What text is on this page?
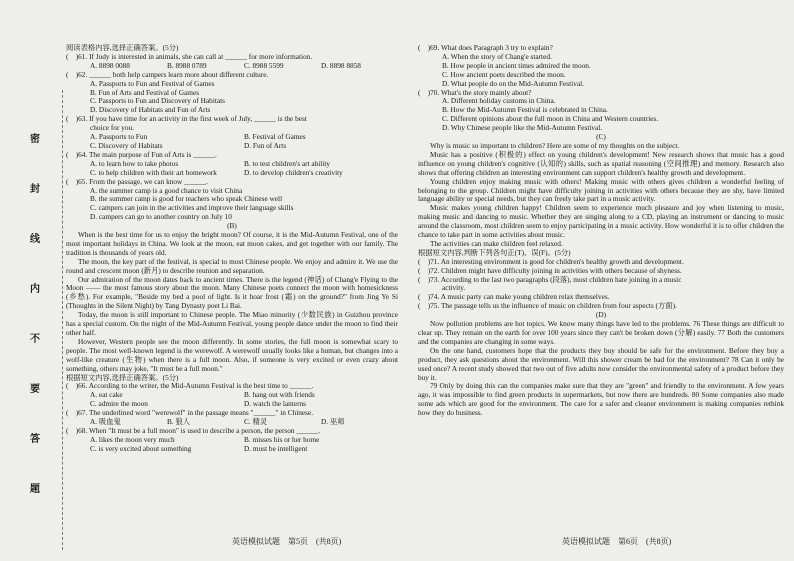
密
封
线
内
不
要
答
题
阅读表格内容,选择正确答案。(5分)
(　)61. If Judy is interested in animals, she can call at ______ for more information.
A. 8898 0088	B. 8988 0789	C. 8988 5599	D. 8898 8858
(　)62. ______ both help campers learn more about different culture.
A. Passports to Fun and Festival of Games
B. Fun of Arts and Festival of Games
C. Passports to Fun and Discovery of Habitats
D. Discovery of Habitats and Fun of Arts
(　)63. If you have time for an activity in the first week of July, ______ is the best
choice for you.
A. Passports to Fun	B. Festival of Games
C. Discovery of Habitats	D. Fun of Arts
(　)64. The main purpose of Fun of Arts is ______.
A. to learn how to take photos	B. to test children's art ability
C. to help children with their art homework	D. to develop children's creativity
(　)65. From the passage, we can know ______.
A. the summer camp is a good chance to visit China
B. the summer camp is good for teachers who speak Chinese well
C. campers can join in the activities and improve their language skills
D. campers can go to another country on July 10
(B)
When is the best time for us to enjoy the bright moon? Of course, it is the Mid-Autumn Festival, one of the most important holidays in China. We look at the moon, eat moon cakes, and get together with our family. The tradition is thousands of years old.
The moon, the key part of the festival, is special to most Chinese people. We enjoy and admire it. We use the round and crescent moon (新月) to describe reunion and separation.
Our admiration of the moon dates back to ancient times. There is the legend (神话) of Chang'e Flying to the Moon —— the most famous story about the moon. Many Chinese poets connect the moon with homesickness (乡愁). For example, "Beside my bed a pool of light. Is it hoar frost (霜) on the ground?" from Jing Ye Si (Thoughts in the Silent Night) by Tang Dynasty poet Li Bai.
Today, the moon is still important to Chinese people. The Miao minority (少数民族) in Guizhou province has a special custom. On the night of the Mid-Autumn Festival, young people dance under the moon to find their other half.
However, Western people see the moon differently. In some stories, the full moon is somewhat scary to people. The most well-known legend is the werewolf. A werewolf usually looks like a human, but changes into a wolf-like creature (生物) when there is a full moon. Also, if someone is very excited or even crazy about something, others may joke, "It must be a full moon."
根据短文内容,选择正确答案。(5分)
(　)66. According to the writer, the Mid-Autumn Festival is the best time to ______.
A. eat cake	B. hang out with friends
C. admire the moon	D. watch the lanterns
(　)67. The underlined word "werewolf" in the passage means "______" in Chinese.
A. 吸血鬼	B. 狼人	C. 精灵	D. 巫师
(　)68. When "It must be a full moon" is used to describe a person, the person ______.
A. likes the moon very much	B. misses his or her home
C. is very excited about something	D. must be intelligent
英语模拟试题　第5页　(共8页)
(　)69. What does Paragraph 3 try to explain?
A. When the story of Chang'e started.
B. How people in ancient times admired the moon.
C. How ancient poets described the moon.
D. What people do on the Mid-Autumn Festival.
(　)70. What's the story mainly about?
A. Different holiday customs in China.
B. How the Mid-Autumn Festival is celebrated in China.
C. Different opinions about the full moon in China and Western countries.
D. Why Chinese people like the Mid-Autumn Festival.
(C)
Why is music so important to children? Here are some of my thoughts on the subject.
Music has a positive (积极的) effect on young children's development! New research shows that music has a good influence on young children's cognitive (认知的) skills, such as spatial reasoning (空间推理) and memory. Research also shows that offering children an interesting environment can support children's healthy growth and development.
Young children enjoy making music with others! Making music with others gives children a wonderful feeling of belonging to the group. Children might have difficulty joining in activities with others because they are shy, have limited language ability or special needs, but they can freely take part in a music activity.
Music makes young children happy! Children seem to experience much pleasure and joy when listening to music, making music and dancing to music. Whether they are singing along to a CD, playing an instrument or dancing to music around the classroom, most children seem to enjoy participating in a music activity. How wonderful it is to offer children the chance to take part in some activities about music.
The activities can make children feel relaxed.
根据短文内容,判断下列各句正(T)、误(F)。(5分)
(　)71. An interesting environment is good for children's healthy growth and development.
(　)72. Children might have difficulty joining in activities with others because of shyness.
(　)73. According to the last two paragraphs (段落), most children hate joining in a music
activity.
(　)74. A music party can make young children relax themselves.
(　)75. The passage tells us the influence of music on children from four aspects (方面).
(D)
Now pollution problems are hot topics. We know many things have led to the problems. 76 These things are difficult to clear up. They remain on the earth for over 100 years since they can't be broken down (分解) easily. 77 Both the customers and the companies are changing in some ways.
On the one hand, customers hope that the products they buy should be safe for the environment. Before they buy a product, they ask questions about the environment. Will this shower cream be bad for the environment? 78 Can it only be used once? A recent study showed that two out of five adults now consider the environmental safety of a product before they buy it.
79 Only by doing this can the companies make sure that they are "green" and friendly to the environment. A few years ago, it was impossible to find green products in supermarkets, but now there are hundreds. 80 Some companies also made some ads which are good for the environment. The care for a safer and cleaner environment is making companies rethink how they do business.
英语模拟试题　第6页　(共8页)
